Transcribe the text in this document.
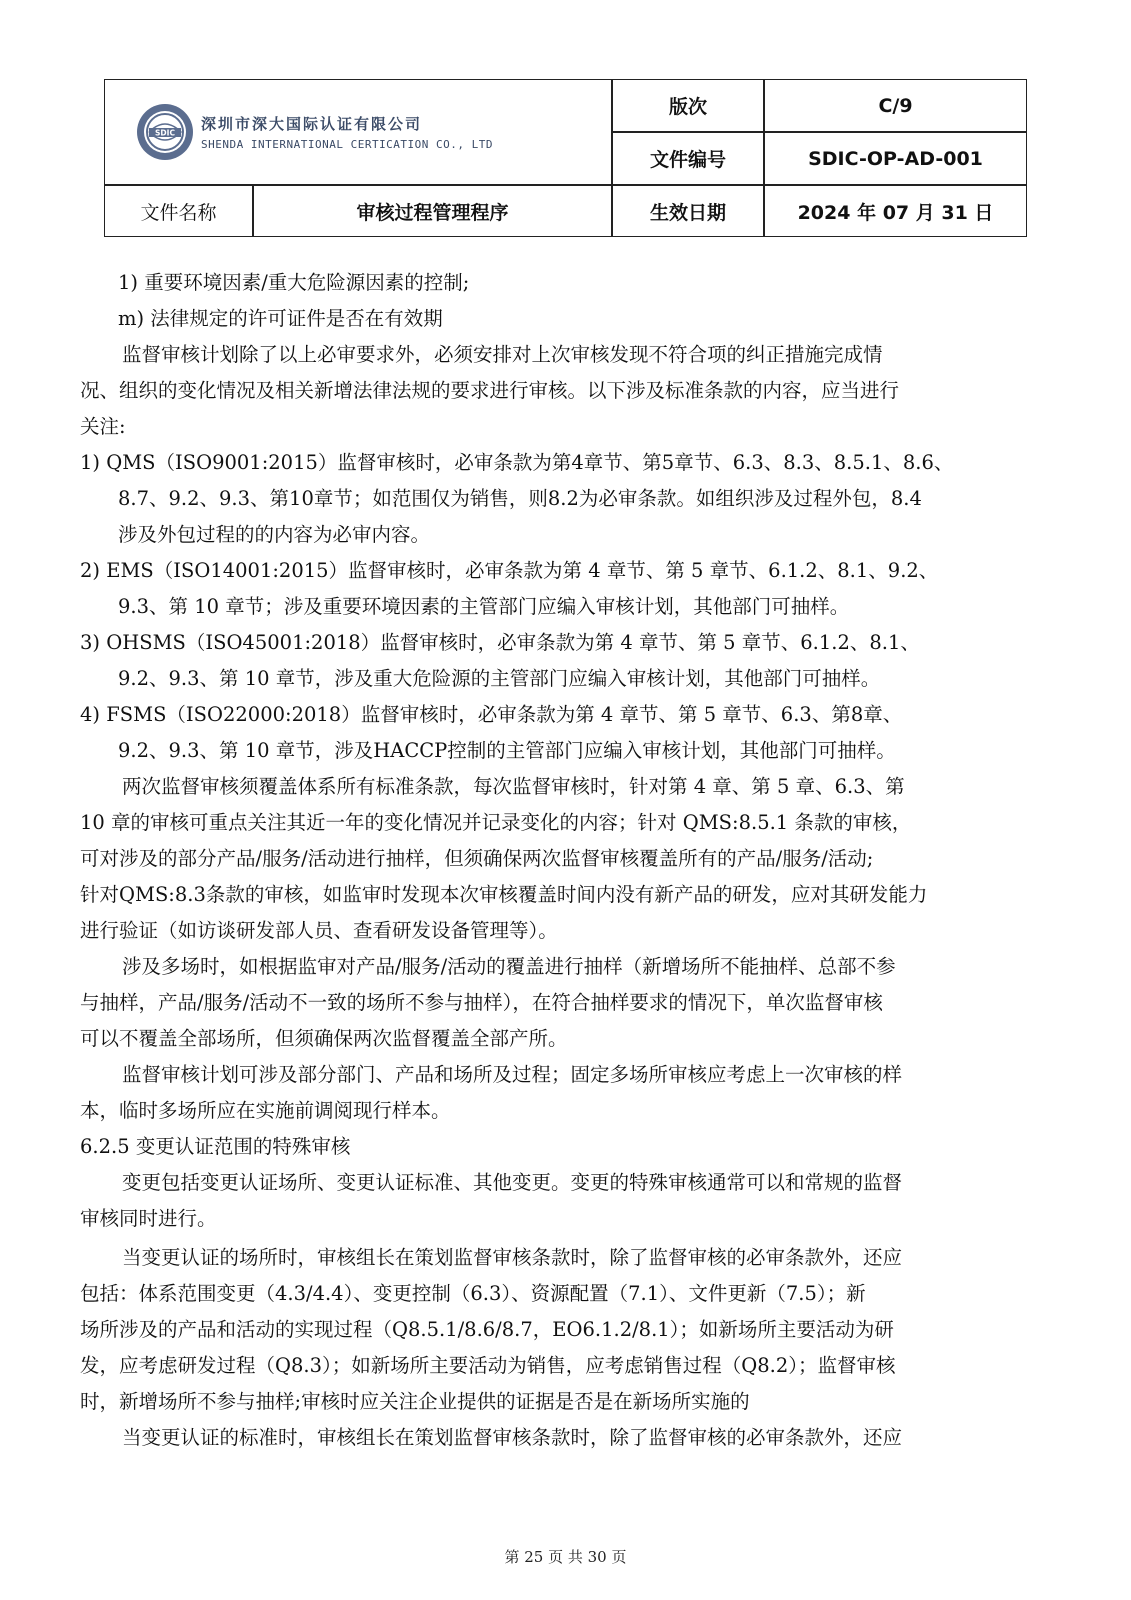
SDIC 深圳市深大国际认证有限公司
SHENDA INTERNATIONAL CERTICATION CO., LTD
版次	C/9
文件编号	SDIC-OP-AD-001
文件名称	审核过程管理程序	生效日期	2024 年 07 月 31 日
1) 重要环境因素/重大危险源因素的控制;
m) 法律规定的许可证件是否在有效期
监督审核计划除了以上必审要求外，必须安排对上次审核发现不符合项的纠正措施完成情
况、组织的变化情况及相关新增法律法规的要求进行审核。以下涉及标准条款的内容，应当进行
关注:
1) QMS（ISO9001:2015）监督审核时，必审条款为第4章节、第5章节、6.3、8.3、8.5.1、8.6、
8.7、9.2、9.3、第10章节；如范围仅为销售，则8.2为必审条款。如组织涉及过程外包，8.4
涉及外包过程的的内容为必审内容。
2) EMS（ISO14001:2015）监督审核时，必审条款为第 4 章节、第 5 章节、6.1.2、8.1、9.2、
9.3、第 10 章节；涉及重要环境因素的主管部门应编入审核计划，其他部门可抽样。
3) OHSMS（ISO45001:2018）监督审核时，必审条款为第 4 章节、第 5 章节、6.1.2、8.1、
9.2、9.3、第 10 章节，涉及重大危险源的主管部门应编入审核计划，其他部门可抽样。
4) FSMS（ISO22000:2018）监督审核时，必审条款为第 4 章节、第 5 章节、6.3、第8章、
9.2、9.3、第 10 章节，涉及HACCP控制的主管部门应编入审核计划，其他部门可抽样。
两次监督审核须覆盖体系所有标准条款，每次监督审核时，针对第 4 章、第 5 章、6.3、第
10 章的审核可重点关注其近一年的变化情况并记录变化的内容；针对 QMS:8.5.1 条款的审核，
可对涉及的部分产品/服务/活动进行抽样，但须确保两次监督审核覆盖所有的产品/服务/活动;
针对QMS:8.3条款的审核，如监审时发现本次审核覆盖时间内没有新产品的研发，应对其研发能力
进行验证（如访谈研发部人员、查看研发设备管理等）。
涉及多场时，如根据监审对产品/服务/活动的覆盖进行抽样（新增场所不能抽样、总部不参
与抽样，产品/服务/活动不一致的场所不参与抽样），在符合抽样要求的情况下，单次监督审核
可以不覆盖全部场所，但须确保两次监督覆盖全部产所。
监督审核计划可涉及部分部门、产品和场所及过程；固定多场所审核应考虑上一次审核的样
本，临时多场所应在实施前调阅现行样本。
6.2.5 变更认证范围的特殊审核
变更包括变更认证场所、变更认证标准、其他变更。变更的特殊审核通常可以和常规的监督
审核同时进行。
当变更认证的场所时，审核组长在策划监督审核条款时，除了监督审核的必审条款外，还应
包括：体系范围变更（4.3/4.4）、变更控制（6.3）、资源配置（7.1）、文件更新（7.5）；新
场所涉及的产品和活动的实现过程（Q8.5.1/8.6/8.7，EO6.1.2/8.1）；如新场所主要活动为研
发，应考虑研发过程（Q8.3）；如新场所主要活动为销售，应考虑销售过程（Q8.2）；监督审核
时，新增场所不参与抽样;审核时应关注企业提供的证据是否是在新场所实施的
当变更认证的标准时，审核组长在策划监督审核条款时，除了监督审核的必审条款外，还应
第 25 页 共 30 页
